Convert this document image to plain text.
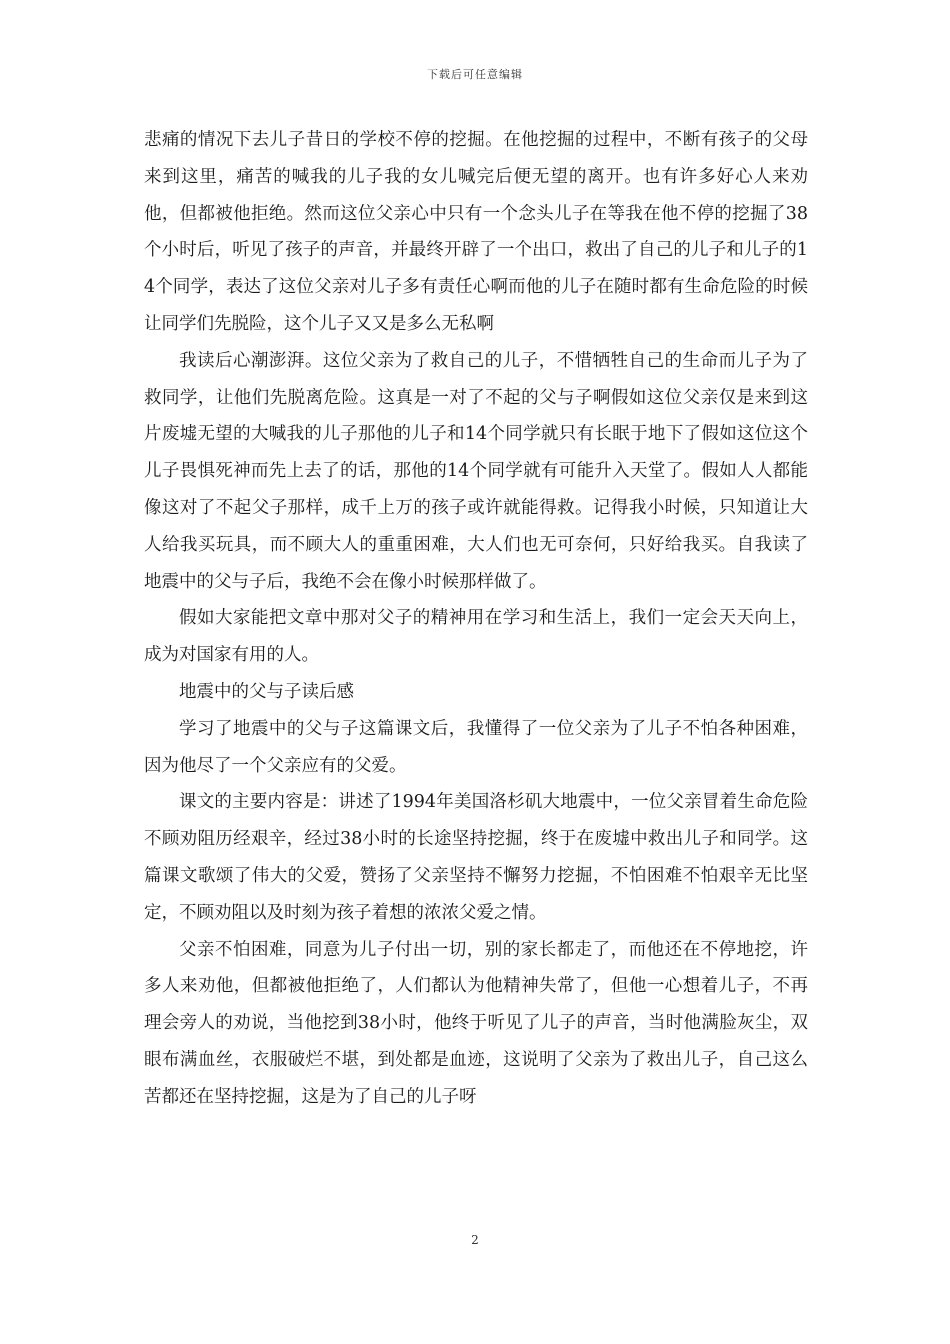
下载后可任意编辑

悲痛的情况下去儿子昔日的学校不停的挖掘。在他挖掘的过程中，不断有孩子的父母来到这里，痛苦的喊我的儿子我的女儿喊完后便无望的离开。也有许多好心人来劝他，但都被他拒绝。然而这位父亲心中只有一个念头儿子在等我在他不停的挖掘了38个小时后，听见了孩子的声音，并最终开辟了一个出口，救出了自己的儿子和儿子的14个同学，表达了这位父亲对儿子多有责任心啊而他的儿子在随时都有生命危险的时候让同学们先脱险，这个儿子又又是多么无私啊

我读后心潮澎湃。这位父亲为了救自己的儿子，不惜牺牲自己的生命而儿子为了救同学，让他们先脱离危险。这真是一对了不起的父与子啊假如这位父亲仅是来到这片废墟无望的大喊我的儿子那他的儿子和14个同学就只有长眠于地下了假如这位这个儿子畏惧死神而先上去了的话，那他的14个同学就有可能升入天堂了。假如人人都能像这对了不起父子那样，成千上万的孩子或许就能得救。记得我小时候，只知道让大人给我买玩具，而不顾大人的重重困难，大人们也无可奈何，只好给我买。自我读了地震中的父与子后，我绝不会在像小时候那样做了。

假如大家能把文章中那对父子的精神用在学习和生活上，我们一定会天天向上，成为对国家有用的人。

地震中的父与子读后感

学习了地震中的父与子这篇课文后，我懂得了一位父亲为了儿子不怕各种困难，因为他尽了一个父亲应有的父爱。

课文的主要内容是：讲述了1994年美国洛杉矶大地震中，一位父亲冒着生命危险不顾劝阻历经艰辛，经过38小时的长途坚持挖掘，终于在废墟中救出儿子和同学。这篇课文歌颂了伟大的父爱，赞扬了父亲坚持不懈努力挖掘，不怕困难不怕艰辛无比坚定，不顾劝阻以及时刻为孩子着想的浓浓父爱之情。

父亲不怕困难，同意为儿子付出一切，别的家长都走了，而他还在不停地挖，许多人来劝他，但都被他拒绝了，人们都认为他精神失常了，但他一心想着儿子，不再理会旁人的劝说，当他挖到38小时，他终于听见了儿子的声音，当时他满脸灰尘，双眼布满血丝，衣服破烂不堪，到处都是血迹，这说明了父亲为了救出儿子，自己这么苦都还在坚持挖掘，这是为了自己的儿子呀

2
